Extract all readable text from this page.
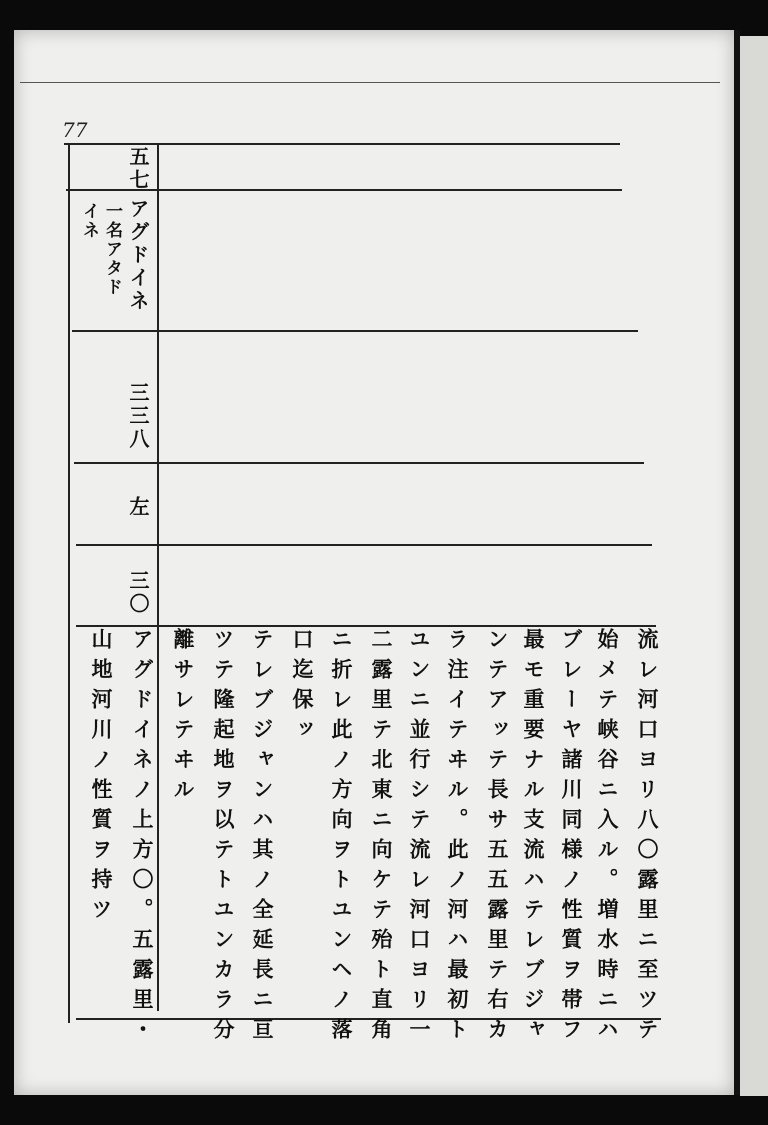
77
五七
アグドイネ
一名アタド
イネ
三三八
左
三〇
流レ河口ヨリ八〇露里ニ至ツテ
始メテ峡谷ニ入ル。増水時ニハ
ブレーヤ諸川同様ノ性質ヲ帯フ
最モ重要ナル支流ハテレブジャ
ンテアッテ長サ五五露里テ右カ
ラ注イテヰル。此ノ河ハ最初ト
ユンニ並行シテ流レ河口ヨリ一
二露里テ北東ニ向ケテ殆ト直角
ニ折レ此ノ方向ヲトユンヘノ落
口迄保ッ
テレブジャンハ其ノ全延長ニ亘
ツテ隆起地ヲ以テトユンカラ分
離サレテヰル
アグドイネノ上方〇。五露里・
山地河川ノ性質ヲ持ツ
